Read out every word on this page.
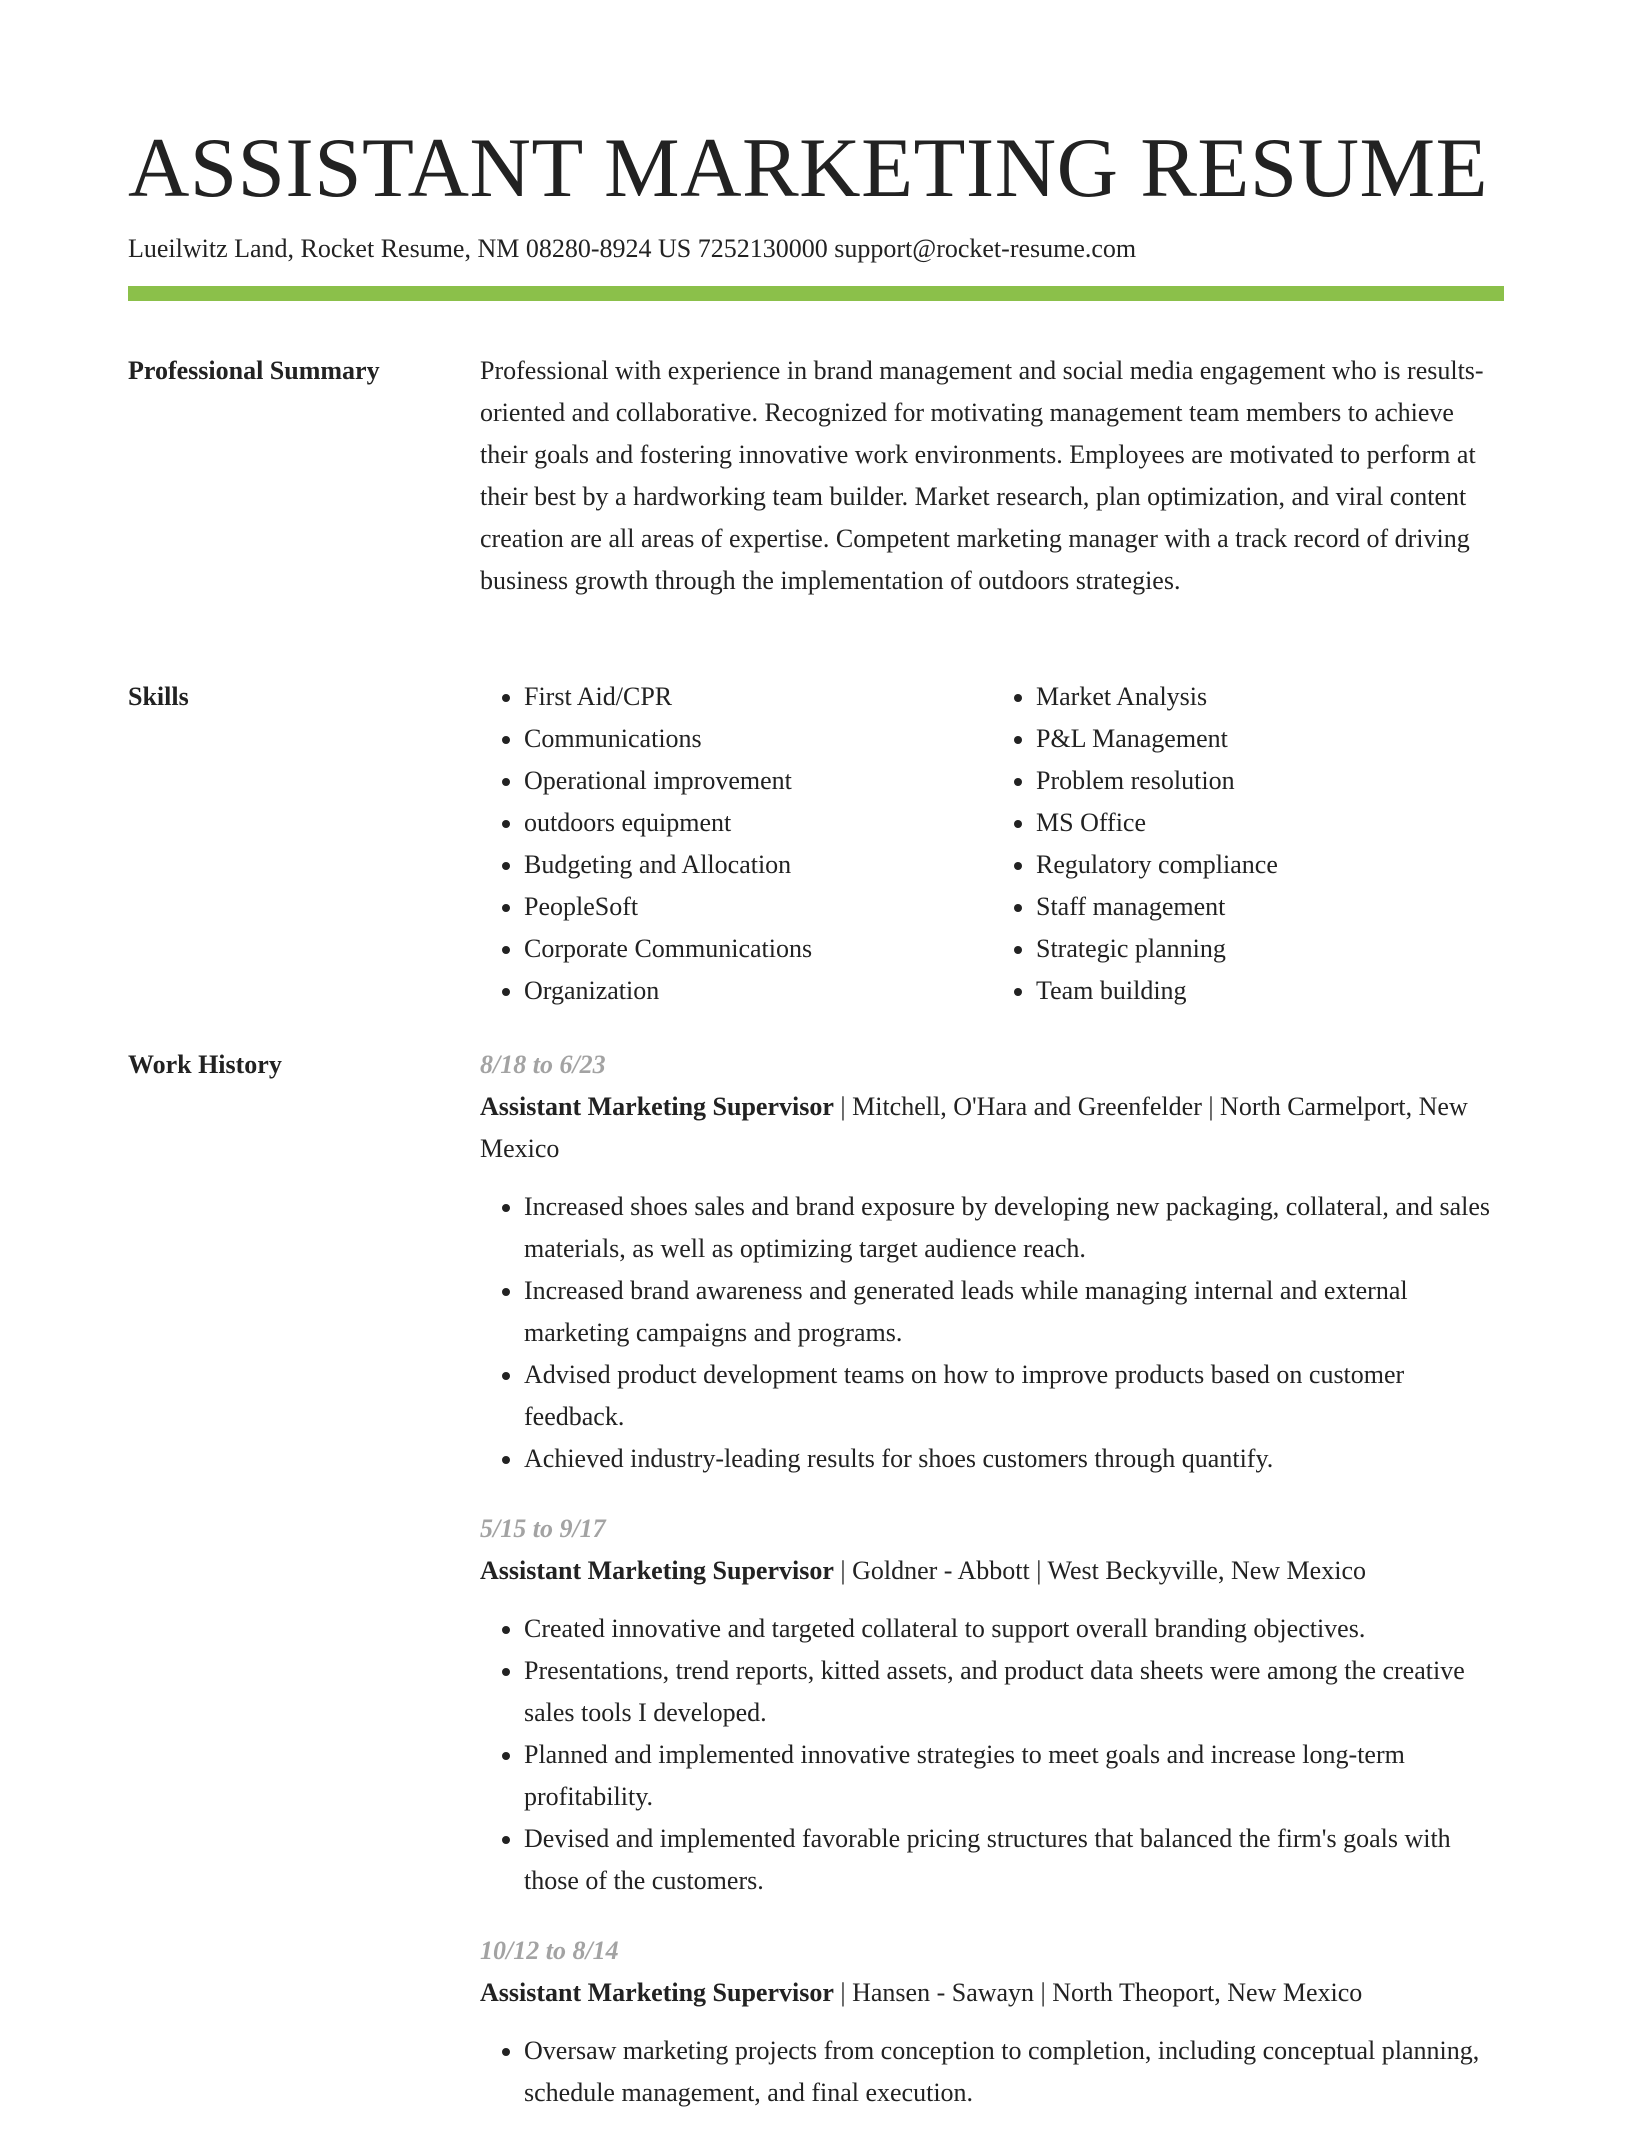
ASSISTANT MARKETING RESUME
Lueilwitz Land, Rocket Resume, NM 08280-8924 US 7252130000 support@rocket-resume.com
Professional Summary	Professional with experience in brand management and social media engagement who is results-oriented and collaborative. Recognized for motivating management team members to achieve their goals and fostering innovative work environments. Employees are motivated to perform at their best by a hardworking team builder. Market research, plan optimization, and viral content creation are all areas of expertise. Competent marketing manager with a track record of driving business growth through the implementation of outdoors strategies.

Skills
•	First Aid/CPR
• Communications
• Operational improvement
• outdoors equipment
• Budgeting and Allocation
• PeopleSoft
• Corporate Communications
• Organization
• Market Analysis
• P&L Management
• Problem resolution
• MS Office
• Regulatory compliance
• Staff management
• Strategic planning
• Team building
Work History	8/18 to 6/23
Assistant Marketing Supervisor | Mitchell, O'Hara and Greenfelder | North Carmelport, New Mexico
• Increased shoes sales and brand exposure by developing new packaging, collateral, and sales materials, as well as optimizing target audience reach.
• Increased brand awareness and generated leads while managing internal and external marketing campaigns and programs.
• Advised product development teams on how to improve products based on customer feedback.
• Achieved industry-leading results for shoes customers through quantify.
5/15 to 9/17
Assistant Marketing Supervisor | Goldner - Abbott | West Beckyville, New Mexico
• Created innovative and targeted collateral to support overall branding objectives.
• Presentations, trend reports, kitted assets, and product data sheets were among the creative sales tools I developed.
• Planned and implemented innovative strategies to meet goals and increase long-term profitability.
• Devised and implemented favorable pricing structures that balanced the firm's goals with those of the customers.
10/12 to 8/14
Assistant Marketing Supervisor | Hansen - Sawayn | North Theoport, New Mexico
• Oversaw marketing projects from conception to completion, including conceptual planning, schedule management, and final execution.
